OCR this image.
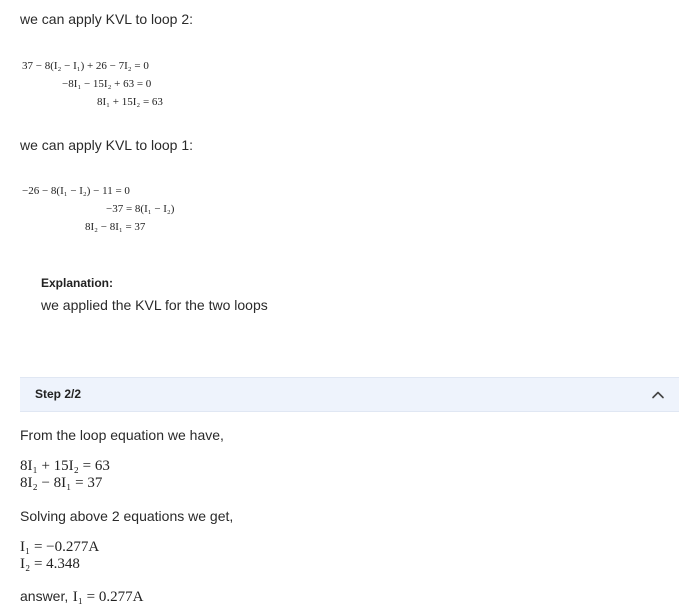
we can apply KVL to loop 2:
37 − 8(I₂ − I₁) + 26 − 7I₂ = 0
−8I₁ − 15I₂ + 63 = 0
8I₁ + 15I₂ = 63
we can apply KVL to loop 1:
−26 − 8(I₁ − I₂) − 11 = 0
−37 = 8(I₁ − I₂)
8I₂ − 8I₁ = 37
Explanation:
we applied the KVL for the two loops
Step 2/2
From the loop equation we have,
8I₁ + 15I₂ = 63
8I₂ − 8I₁ = 37
Solving above 2 equations we get,
I₁ = −0.277A
I₂ = 4.348
answer, I₁ = 0.277A
